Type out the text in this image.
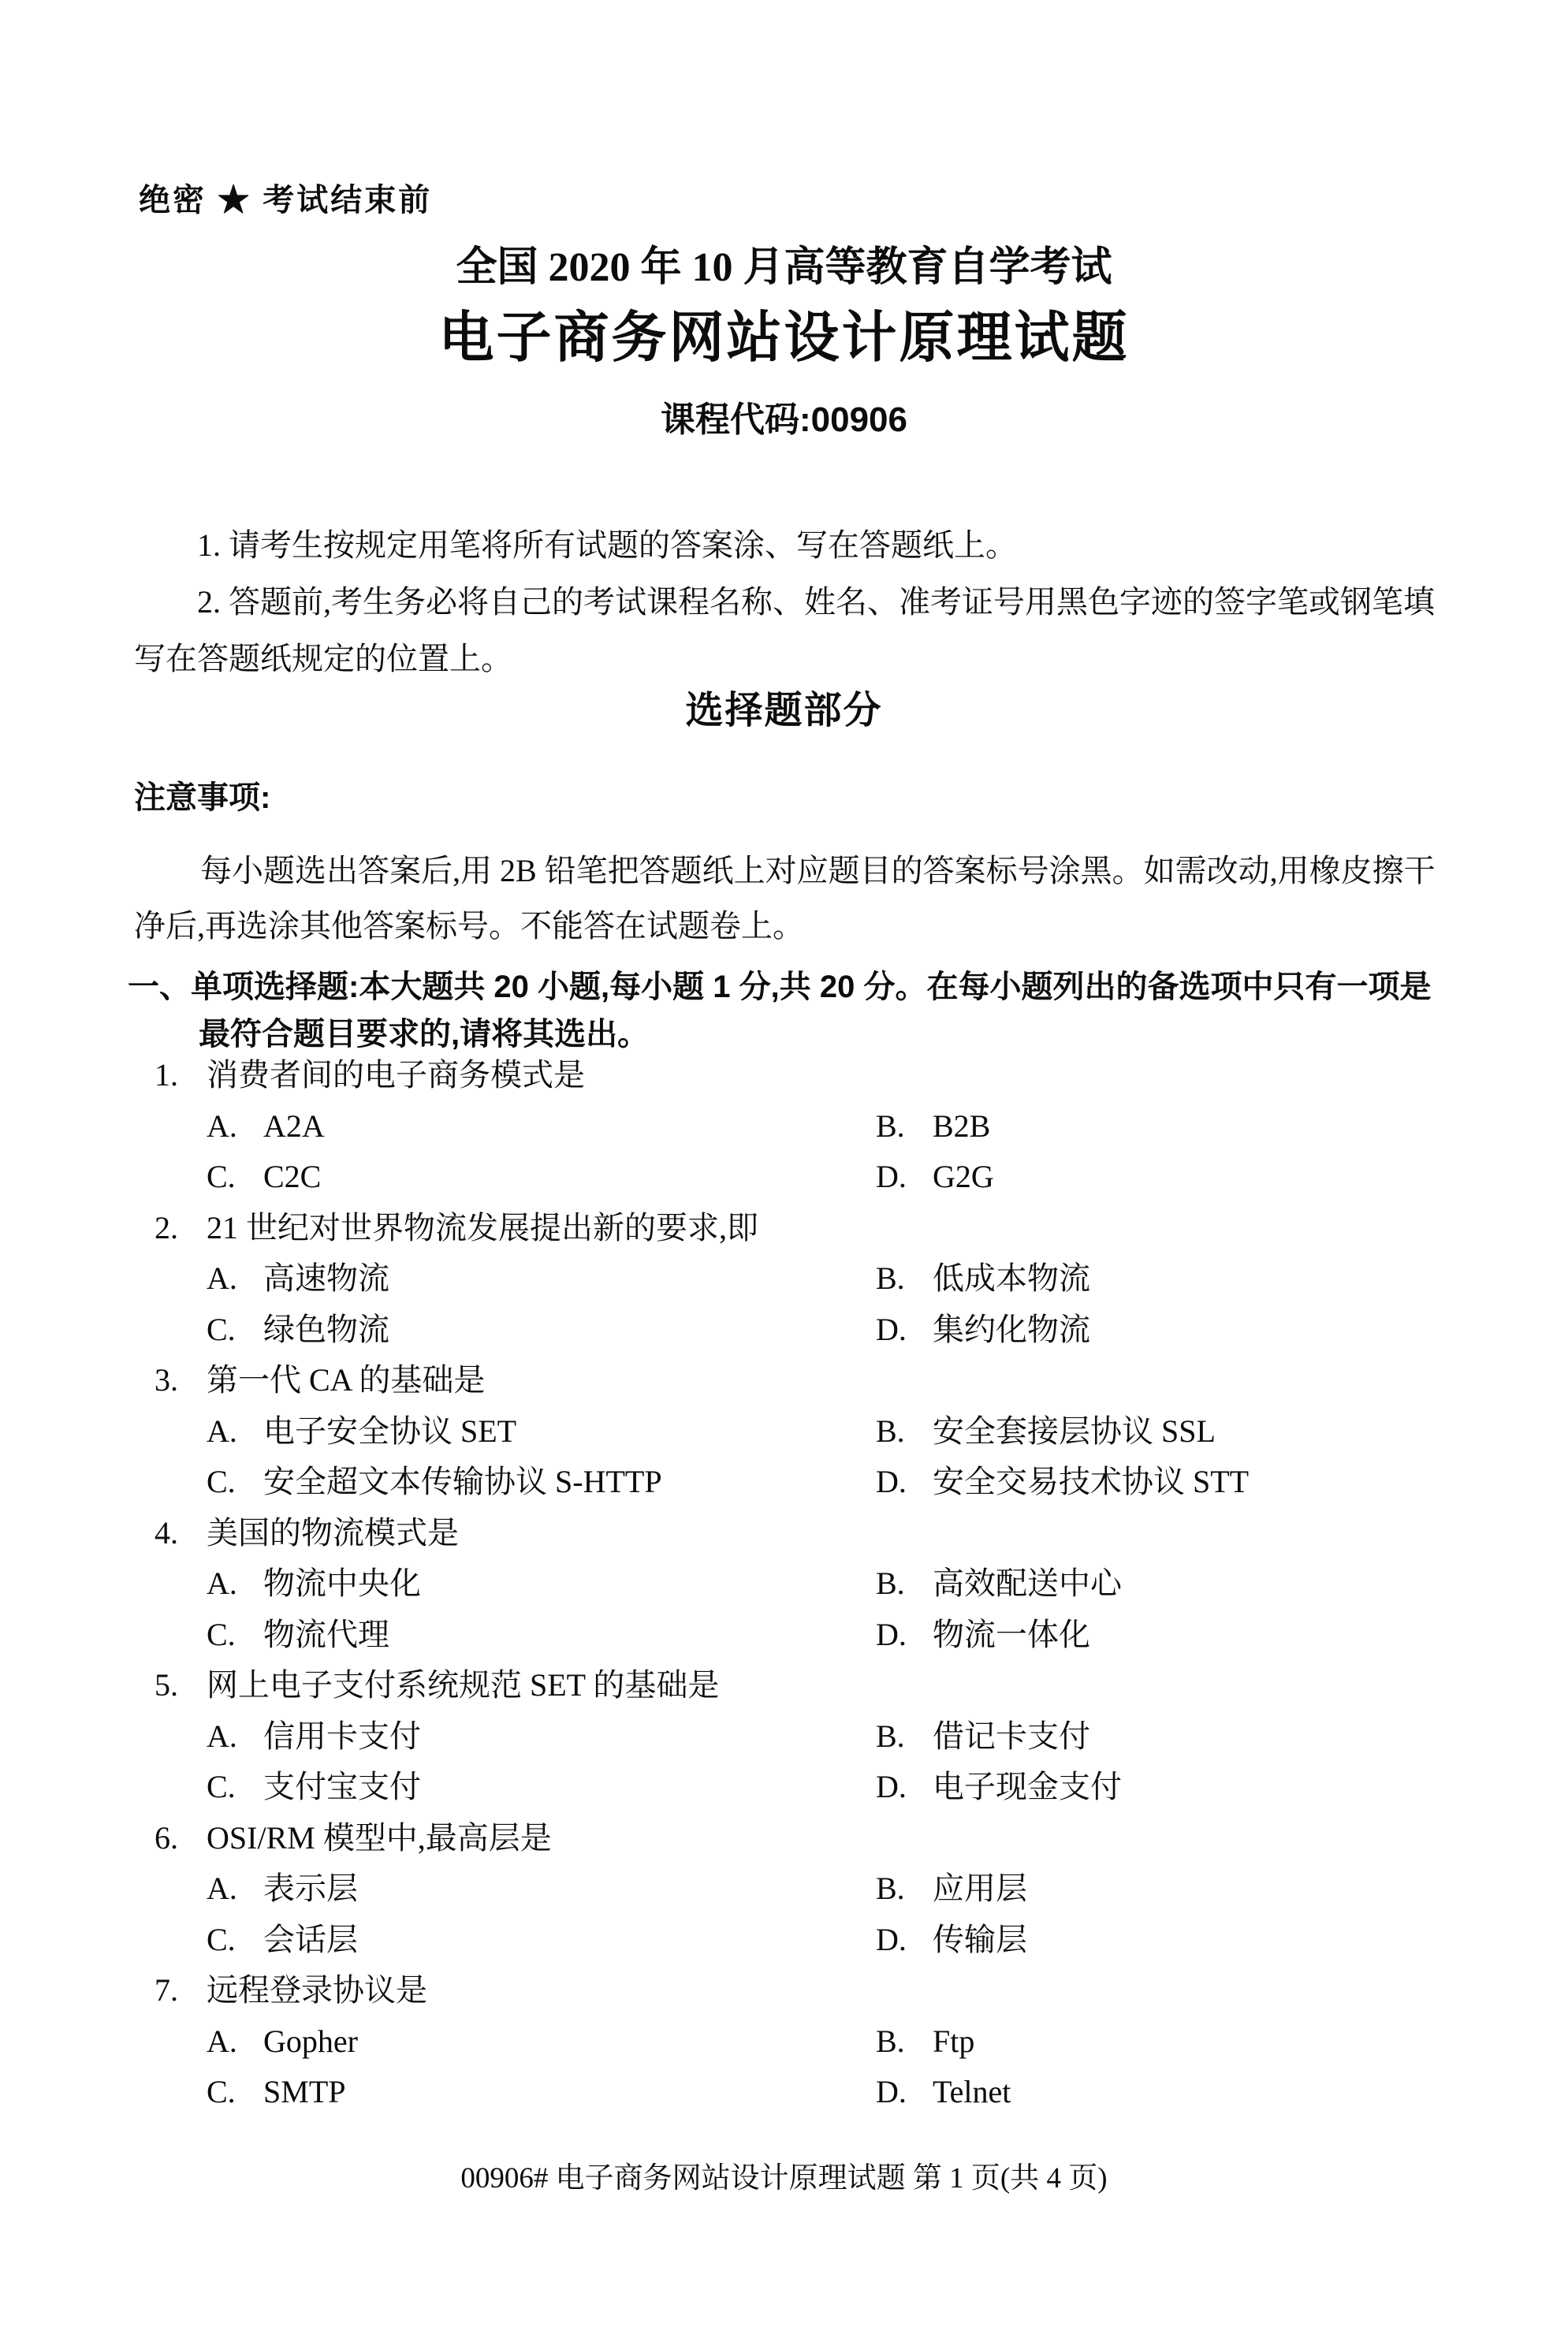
绝密 ★ 考试结束前
全国 2020 年 10 月高等教育自学考试
电子商务网站设计原理试题
课程代码:00906

1. 请考生按规定用笔将所有试题的答案涂、写在答题纸上。

2. 答题前,考生务必将自己的考试课程名称、姓名、准考证号用黑色字迹的签字笔或钢笔填写在答题纸规定的位置上。

选择题部分
注意事项:

每小题选出答案后,用 2B 铅笔把答题纸上对应题目的答案标号涂黑。如需改动,用橡皮擦干净后,再选涂其他答案标号。不能答在试题卷上。

一、单项选择题:本大题共 20 小题,每小题 1 分,共 20 分。在每小题列出的备选项中只有一项是最符合题目要求的,请将其选出。
1. 消费者间的电子商务模式是
A. A2A	B. B2B
C. C2C	D. G2G
2. 21 世纪对世界物流发展提出新的要求,即
A. 高速物流	B. 低成本物流
C. 绿色物流	D. 集约化物流
3. 第一代 CA 的基础是
A. 电子安全协议 SET	B. 安全套接层协议 SSL
C. 安全超文本传输协议 S-HTTP	D. 安全交易技术协议 STT
4. 美国的物流模式是
A. 物流中央化	B. 高效配送中心
C. 物流代理	D. 物流一体化
5. 网上电子支付系统规范 SET 的基础是
A. 信用卡支付	B. 借记卡支付
C. 支付宝支付	D. 电子现金支付
6. OSI/RM 模型中,最高层是
A. 表示层	B. 应用层
C. 会话层	D. 传输层
7. 远程登录协议是
A. Gopher	B. Ftp
C. SMTP	D. Telnet
00906# 电子商务网站设计原理试题 第 1 页(共 4 页)
